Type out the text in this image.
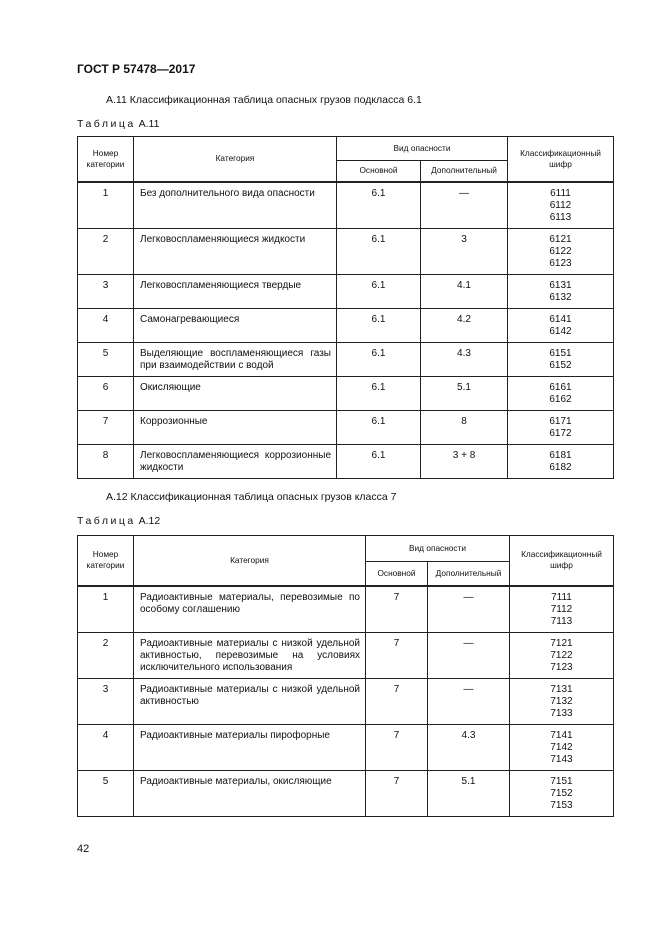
ГОСТ Р 57478—2017
А.11 Классификационная таблица опасных грузов подкласса 6.1
Таблица А.11
Номер категории	Категория	Вид опасности		Классификационный шифр
		Основной	Дополнительный	
1	Без дополнительного вида опасности	6.1	—	6111
6112
6113

2	Легковоспламеняющиеся жидкости	6.1	3	6121
6122
6123

3	Легковоспламеняющиеся твердые	6.1	4.1	6131
6132

4	Самонагревающиеся	6.1	4.2	6141
6142

5	Выделяющие воспламеняющиеся газы при взаимодействии с водой	6.1	4.3	6151
6152

6	Окисляющие	6.1	5.1	6161
6162

7	Коррозионные	6.1	8	6171
6172

8	Легковоспламеняющиеся коррозионные жидкости	6.1	3 + 8	6181
6182
А.12 Классификационная таблица опасных грузов класса 7
Таблица А.12
Номер категории	Категория	Вид опасности		Классификационный шифр
		Основной	Дополнительный	
1	Радиоактивные материалы, перевозимые по особому соглашению	7	—	7111
7112
7113

2	Радиоактивные материалы с низкой удельной активностью, перевозимые на условиях исключительного использования	7	—	7121
7122
7123

3	Радиоактивные материалы с низкой удельной активностью	7	—	7131
7132
7133

4	Радиоактивные материалы пирофорные	7	4.3	7141
7142
7143

5	Радиоактивные материалы, окисляющие	7	5.1	7151
7152
7153
42
